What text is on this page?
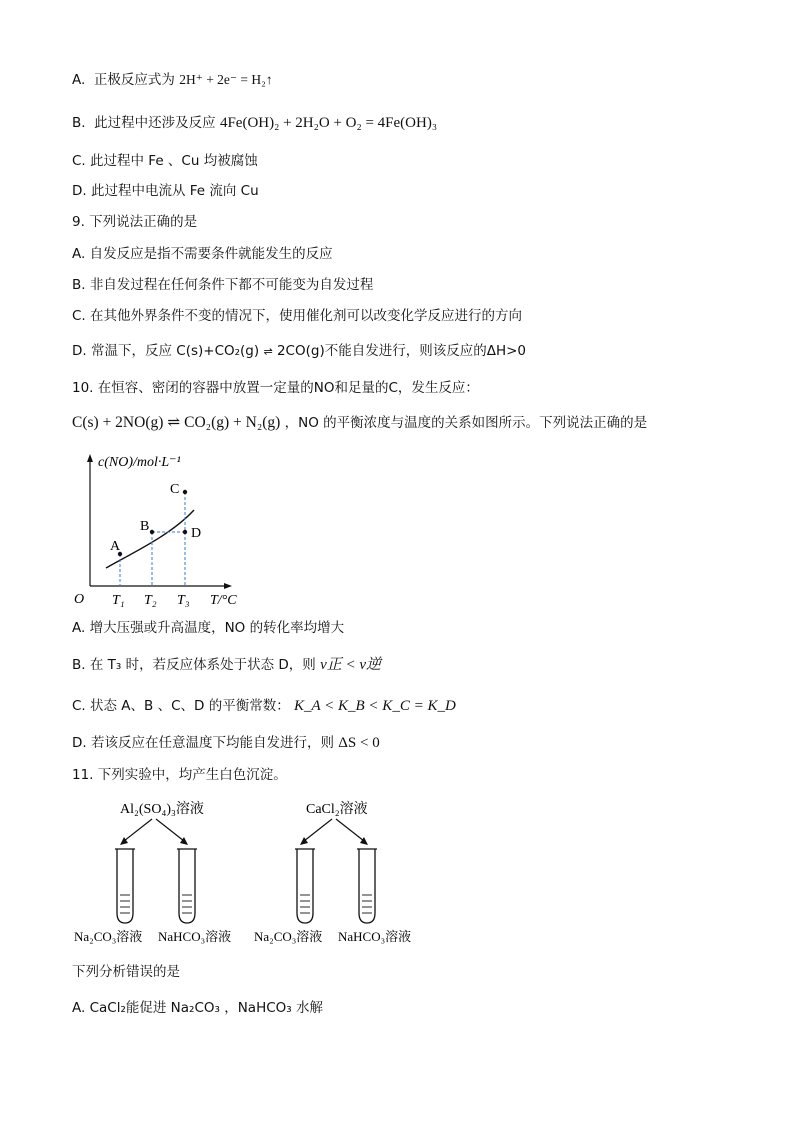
A. 正极反应式为 2H⁺ + 2e⁻ = H₂↑
B. 此过程中还涉及反应 4Fe(OH)₂ + 2H₂O + O₂ = 4Fe(OH)₃
C. 此过程中 Fe 、Cu 均被腐蚀
D. 此过程中电流从 Fe 流向 Cu
9. 下列说法正确的是
A. 自发反应是指不需要条件就能发生的反应
B. 非自发过程在任何条件下都不可能变为自发过程
C. 在其他外界条件不变的情况下，使用催化剂可以改变化学反应进行的方向
D. 常温下，反应 C(s)+CO₂(g) ⇌ 2CO(g)不能自发进行，则该反应的ΔH>0
10. 在恒容、密闭的容器中放置一定量的NO和足量的C，发生反应：
C(s) + 2NO(g) ⇌ CO₂(g) + N₂(g) ，NO 的平衡浓度与温度的关系如图所示。下列说法正确的是
c(NO)/mol·L⁻¹
A
B
C
D
O T₁ T₂ T₃ T/°C
A. 增大压强或升高温度，NO 的转化率均增大
B. 在 T₃ 时，若反应体系处于状态 D，则 v正 < v逆
C. 状态 A、B 、C、D 的平衡常数： K_A < K_B < K_C = K_D
D. 若该反应在任意温度下均能自发进行，则 ΔS < 0
11. 下列实验中，均产生白色沉淀。
Al₂(SO₄)₃溶液	CaCl₂溶液
Na₂CO₃溶液 NaHCO₃溶液 Na₂CO₃溶液 NaHCO₃溶液
下列分析错误的是
A. CaCl₂能促进 Na₂CO₃ ，NaHCO₃ 水解
